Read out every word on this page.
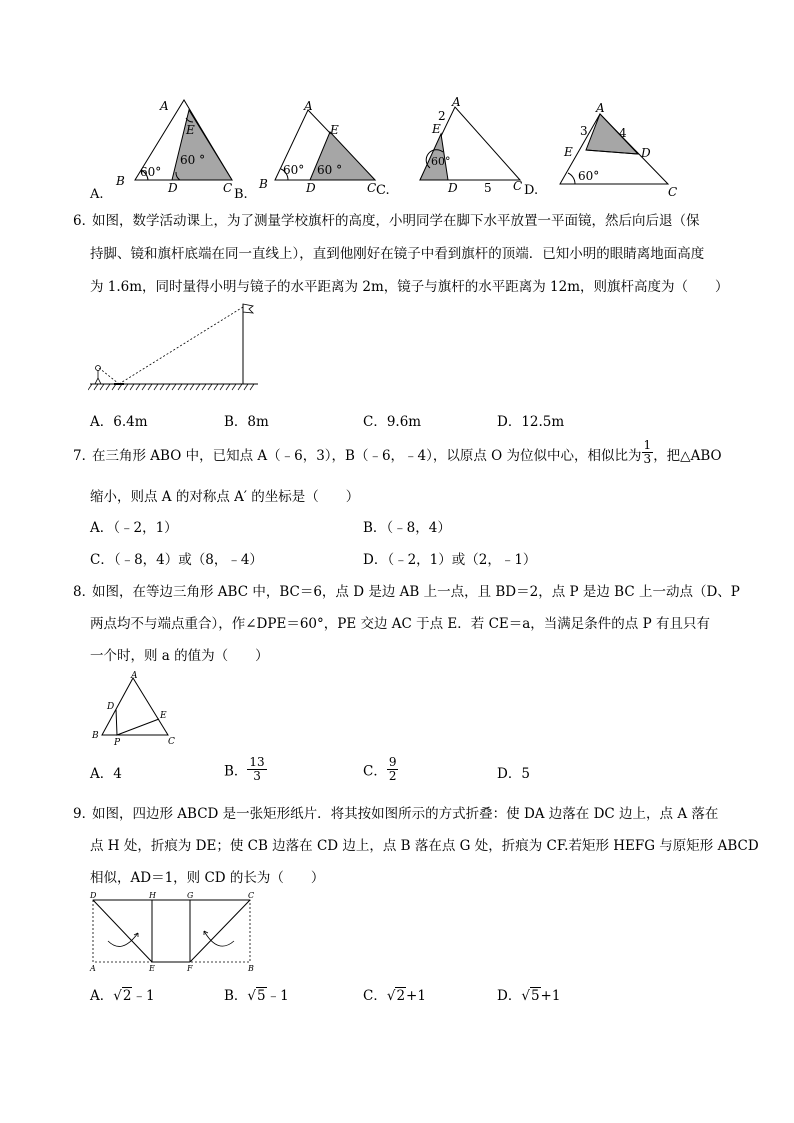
A
E
B	D	C
60°
60 °
A.
A
E
B	D	C
60° 60 °
B.
A
E
2
D 5 C
60°
C.
A
3	4
E	D
60°
C
D.
6．
如图，数学活动课上，为了测量学校旗杆的高度，小明同学在脚下水平放置一平面镜，然后向后退（保
持脚、镜和旗杆底端在同一直线上），直到他刚好在镜子中看到旗杆的顶端．已知小明的眼睛离地面高度
为 1.6m，同时量得小明与镜子的水平距离为 2m，镜子与旗杆的水平距离为 12m，则旗杆高度为（　　）
A．6.4m	B．8m	C．9.6m	D．12.5m
7．
在三角形 ABO 中，已知点 A（﹣6，3），B（﹣6，﹣4），以原点 O 为位似中心，相似比为 $\frac{1}{3}$ ，把△ABO
缩小，则点 A 的对称点 A′ 的坐标是（　　）
A．（﹣2，1）	B．（﹣8，4）
C．（﹣8，4）或（8，﹣4）	D．（﹣2，1）或（2，﹣1）
8．
如图，在等边三角形 ABC 中，BC＝6，点 D 是边 AB 上一点，且 BD＝2，点 P 是边 BC 上一动点（D、P
两点均不与端点重合），作∠DPE＝60°，PE 交边 AC 于点 E．若 CE＝a，当满足条件的点 P 有且只有
一个时，则 a 的值为（　　）
A
D
E
B
P	C
A．4	B． $\frac{13}{3}$	C． $\frac{9}{2}$	D．5
9．
如图，四边形 ABCD 是一张矩形纸片．将其按如图所示的方式折叠：使 DA 边落在 DC 边上，点 A 落在
点 H 处，折痕为 DE；使 CB 边落在 CD 边上，点 B 落在点 G 处，折痕为 CF.若矩形 HEFG 与原矩形 ABCD
相似，AD＝1，则 CD 的长为（　　）
D	H	G	C
A	E	F	B
A．√2﹣1	B．√5﹣1	C．√2+1	D．√5+1
